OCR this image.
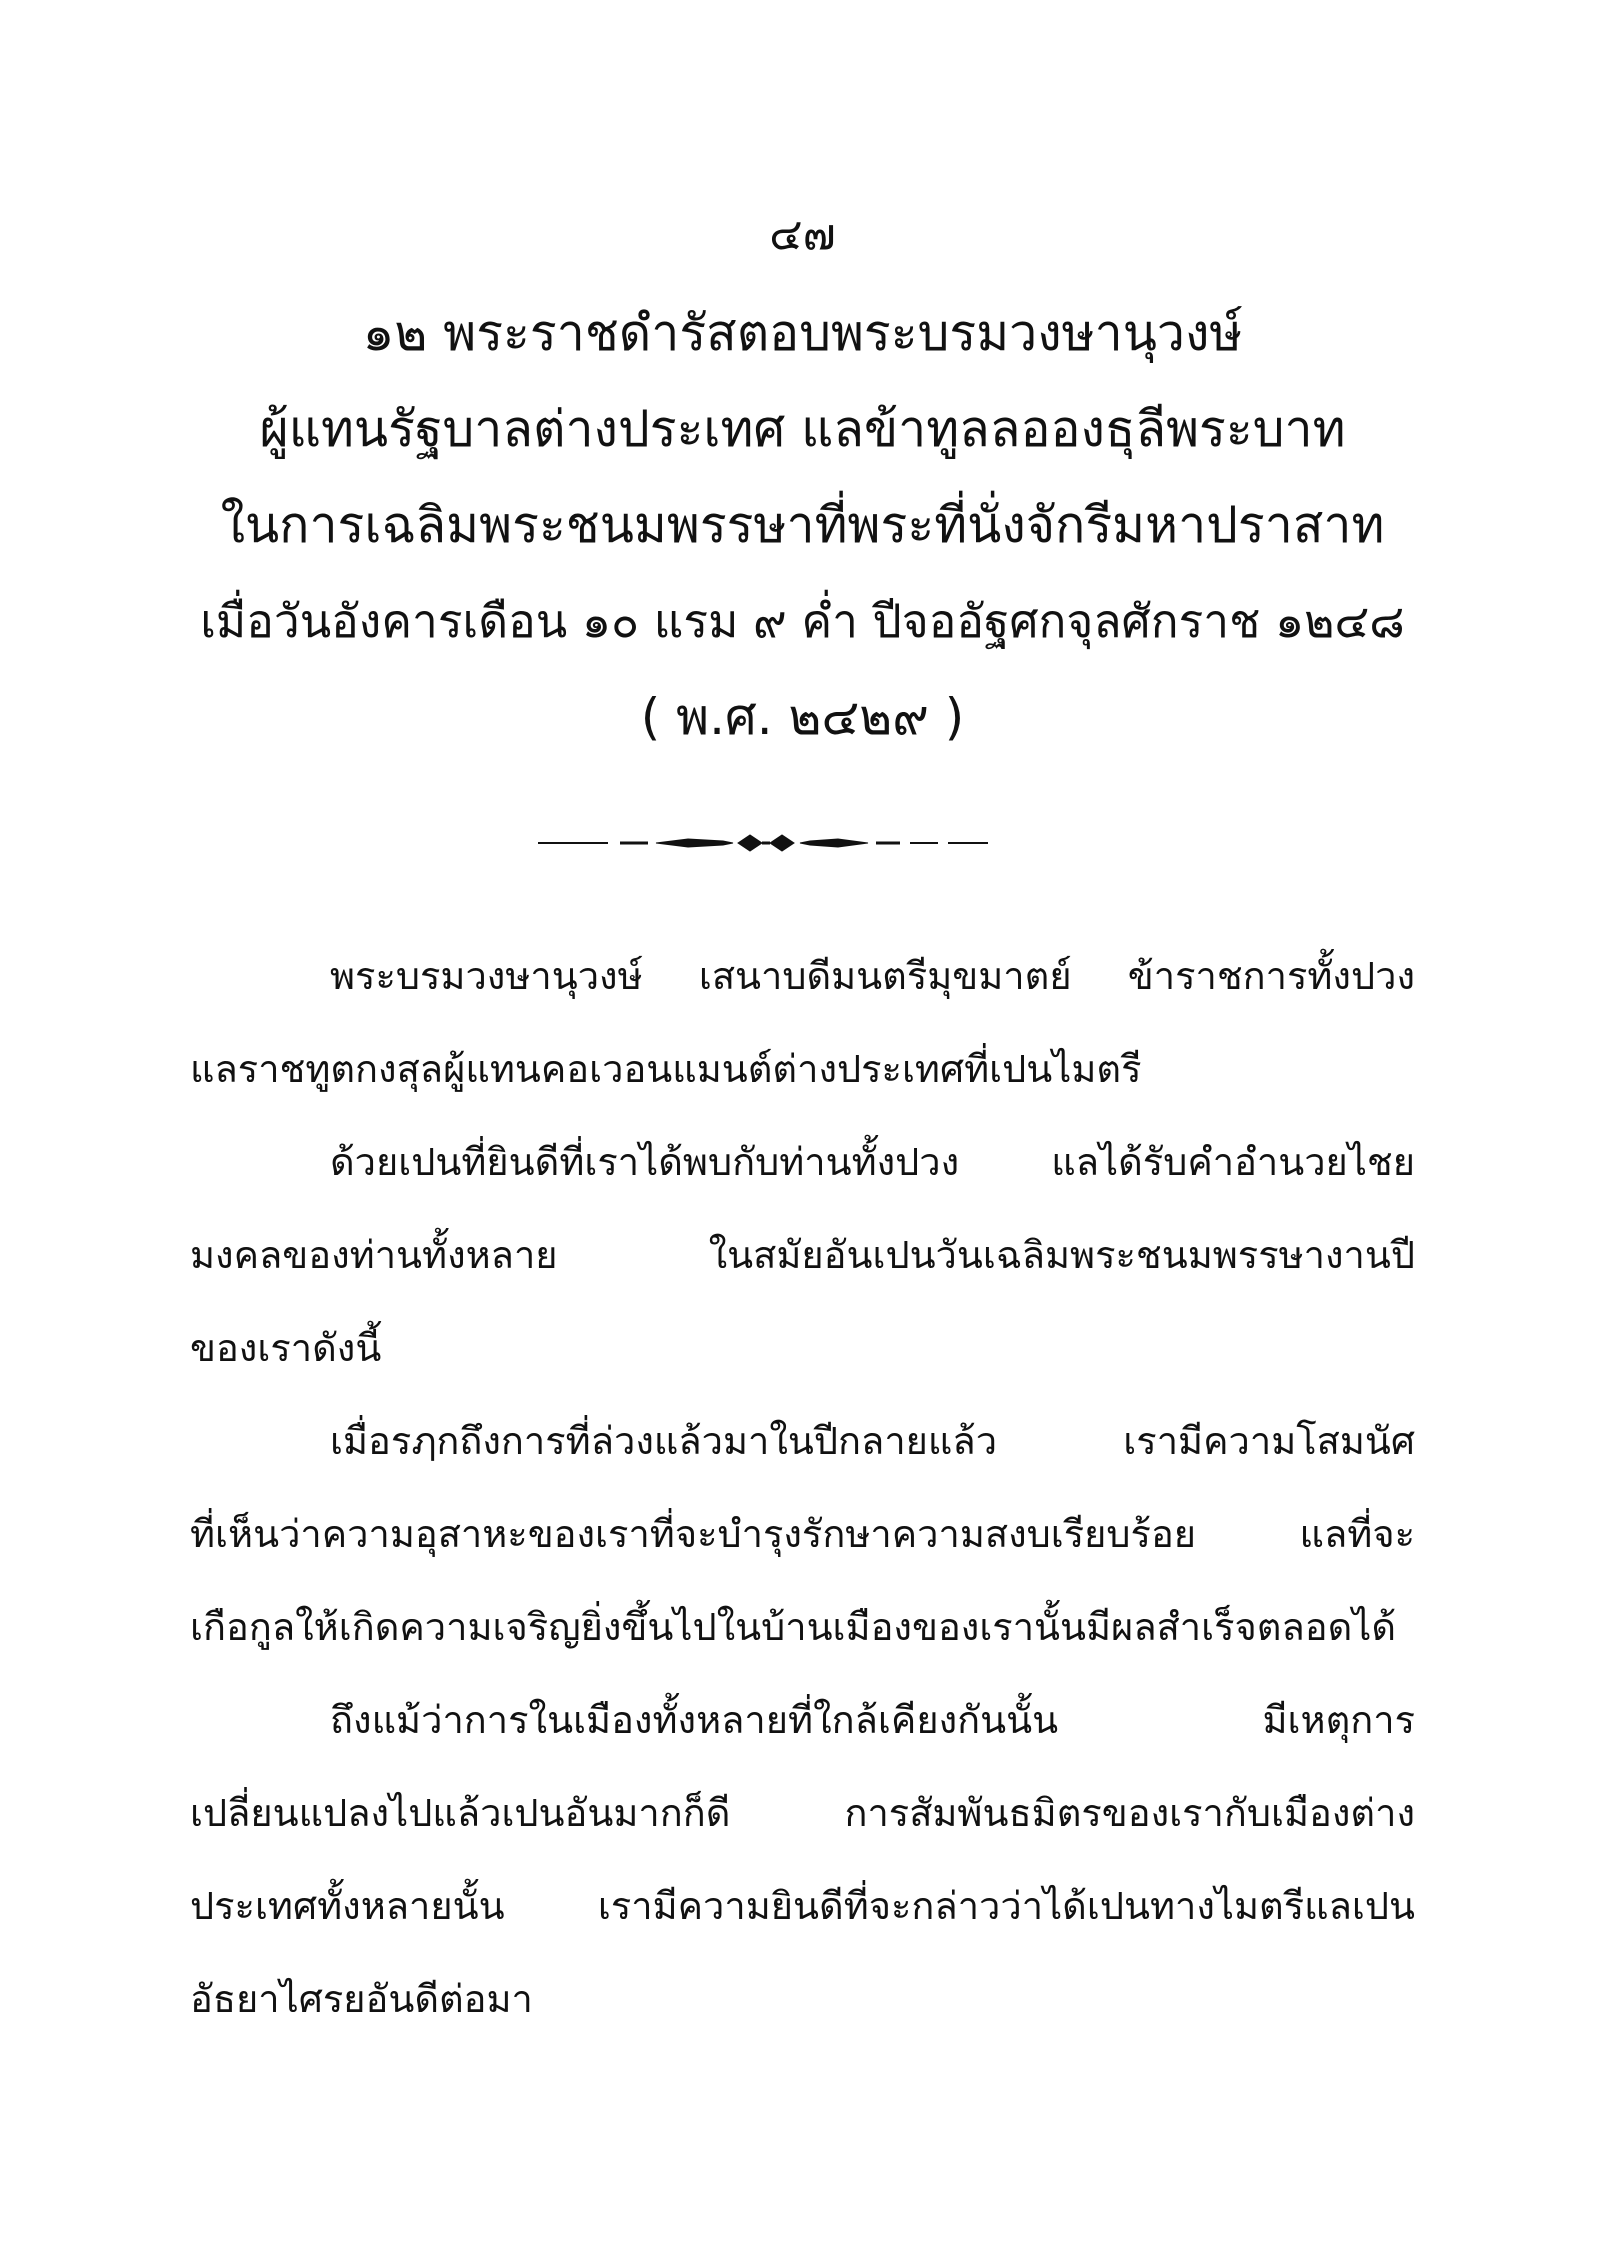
๔๗
๑๒ พระราชดำรัสตอบพระบรมวงษานุวงษ์
ผู้แทนรัฐบาลต่างประเทศ แลข้าทูลลอองธุลีพระบาท
ในการเฉลิมพระชนมพรรษาที่พระที่นั่งจักรีมหาปราสาท
เมื่อวันอังคารเดือน ๑๐ แรม ๙ ค่ำ ปีจออัฐศกจุลศักราช ๑๒๔๘
( พ.ศ. ๒๔๒๙ )
พระบรมวงษานุวงษ์ เสนาบดีมนตรีมุขมาตย์ ข้าราชการทั้งปวง
แลราชทูตกงสุลผู้แทนคอเวอนแมนต์ต่างประเทศที่เปนไมตรี
ด้วยเปนที่ยินดีที่เราได้พบกับท่านทั้งปวง แลได้รับคำอำนวยไชย
มงคลของท่านทั้งหลาย ในสมัยอันเปนวันเฉลิมพระชนมพรรษางานปี
ของเราดังนี้
เมื่อรฦกถึงการที่ล่วงแล้วมาในปีกลายแล้ว เรามีความโสมนัศ
ที่เห็นว่าความอุสาหะของเราที่จะบำรุงรักษาความสงบเรียบร้อย แลที่จะ
เกือกูลให้เกิดความเจริญยิ่งขึ้นไปในบ้านเมืองของเรานั้นมีผลสำเร็จตลอดได้
ถึงแม้ว่าการในเมืองทั้งหลายที่ใกล้เคียงกันนั้น มีเหตุการ
เปลี่ยนแปลงไปแล้วเปนอันมากก็ดี การสัมพันธมิตรของเรากับเมืองต่าง
ประเทศทั้งหลายนั้น เรามีความยินดีที่จะกล่าวว่าได้เปนทางไมตรีแลเปน
อัธยาไศรยอันดีต่อมา
